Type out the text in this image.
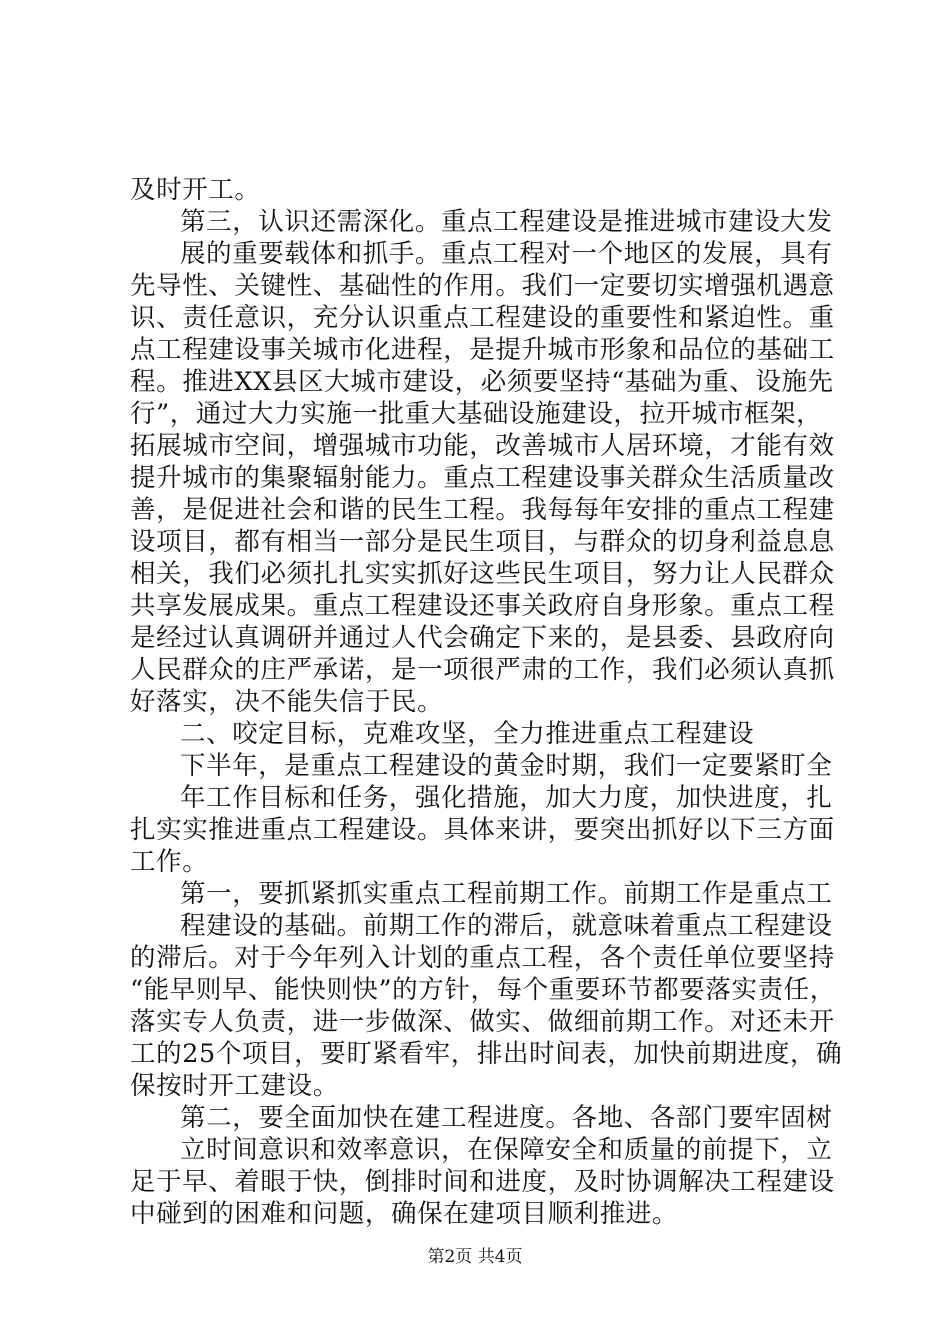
及时开工。
第三，认识还需深化。重点工程建设是推进城市建设大发
展的重要载体和抓手。重点工程对一个地区的发展，具有
先导性、关键性、基础性的作用。我们一定要切实增强机遇意
识、责任意识，充分认识重点工程建设的重要性和紧迫性。重
点工程建设事关城市化进程，是提升城市形象和品位的基础工
程。推进XX县区大城市建设，必须要坚持“基础为重、设施先
行”，通过大力实施一批重大基础设施建设，拉开城市框架，
拓展城市空间，增强城市功能，改善城市人居环境，才能有效
提升城市的集聚辐射能力。重点工程建设事关群众生活质量改
善，是促进社会和谐的民生工程。我每每年安排的重点工程建
设项目，都有相当一部分是民生项目，与群众的切身利益息息
相关，我们必须扎扎实实抓好这些民生项目，努力让人民群众
共享发展成果。重点工程建设还事关政府自身形象。重点工程
是经过认真调研并通过人代会确定下来的，是县委、县政府向
人民群众的庄严承诺，是一项很严肃的工作，我们必须认真抓
好落实，决不能失信于民。
二、咬定目标，克难攻坚，全力推进重点工程建设
下半年，是重点工程建设的黄金时期，我们一定要紧盯全
年工作目标和任务，强化措施，加大力度，加快进度，扎
扎实实推进重点工程建设。具体来讲，要突出抓好以下三方面
工作。
第一，要抓紧抓实重点工程前期工作。前期工作是重点工
程建设的基础。前期工作的滞后，就意味着重点工程建设
的滞后。对于今年列入计划的重点工程，各个责任单位要坚持
“能早则早、能快则快”的方针，每个重要环节都要落实责任，
落实专人负责，进一步做深、做实、做细前期工作。对还未开
工的25个项目，要盯紧看牢，排出时间表，加快前期进度，确
保按时开工建设。
第二，要全面加快在建工程进度。各地、各部门要牢固树
立时间意识和效率意识，在保障安全和质量的前提下，立
足于早、着眼于快，倒排时间和进度，及时协调解决工程建设
中碰到的困难和问题，确保在建项目顺利推进。
第2页 共4页
